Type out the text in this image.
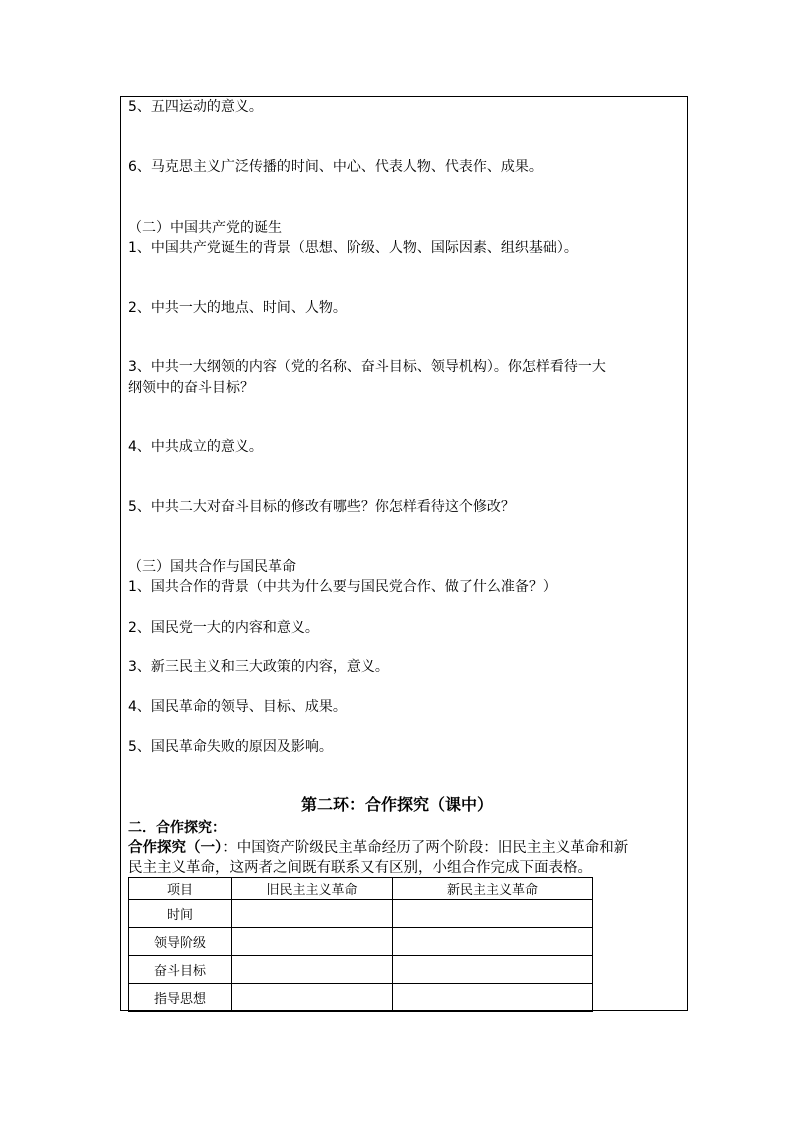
5、五四运动的意义。
6、马克思主义广泛传播的时间、中心、代表人物、代表作、成果。
（二）中国共产党的诞生
1、中国共产党诞生的背景（思想、阶级、人物、国际因素、组织基础）。
2、中共一大的地点、时间、人物。
3、中共一大纲领的内容（党的名称、奋斗目标、领导机构）。你怎样看待一大
纲领中的奋斗目标？
4、中共成立的意义。
5、中共二大对奋斗目标的修改有哪些？你怎样看待这个修改？
（三）国共合作与国民革命
1、国共合作的背景（中共为什么要与国民党合作、做了什么准备？）
2、国民党一大的内容和意义。
3、新三民主义和三大政策的内容，意义。
4、国民革命的领导、目标、成果。
5、国民革命失败的原因及影响。
第二环：合作探究（课中）
二．合作探究：
合作探究（一）：中国资产阶级民主革命经历了两个阶段：旧民主主义革命和新
民主主义革命，这两者之间既有联系又有区别，小组合作完成下面表格。
项目	旧民主主义革命	新民主主义革命
时间		
领导阶级		
奋斗目标		
指导思想		
